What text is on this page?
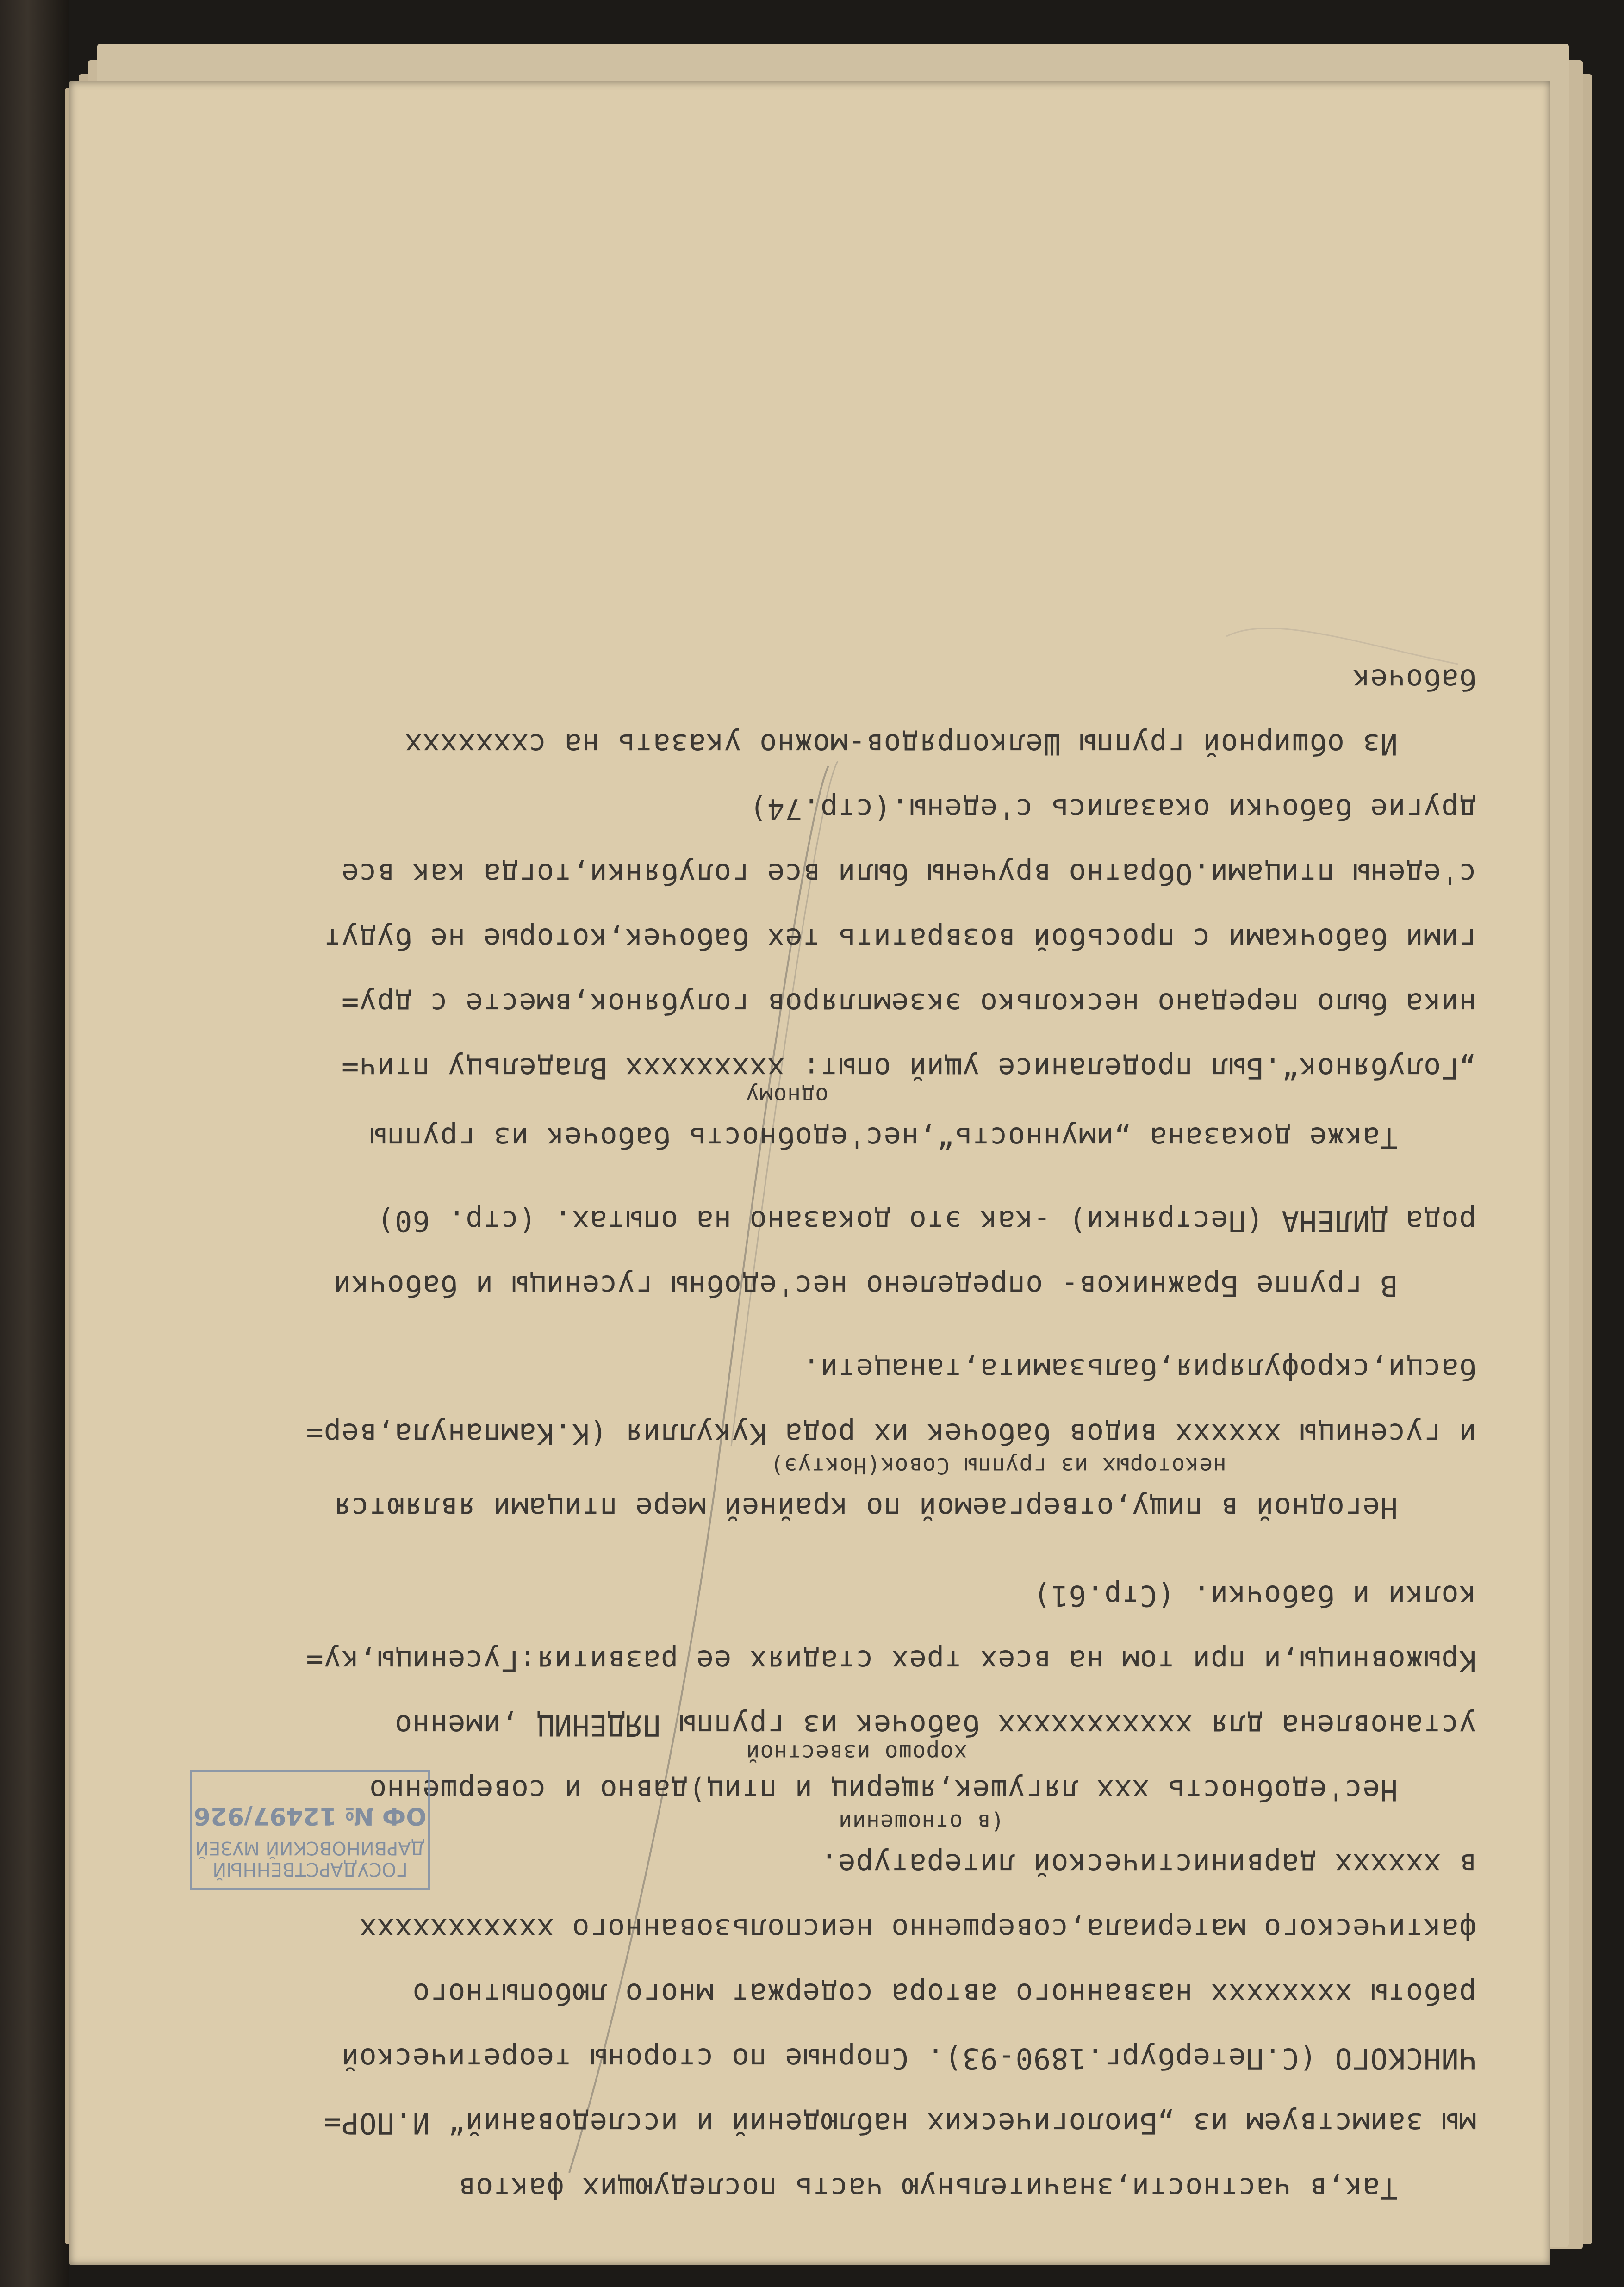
Так,в частности,значительную часть последующих фактов
мы заимствуем из „Биологических наблюдений и исследований“ И.ПОР=
ЧИНСКОГО (С.Петербург.1890-93). Спорные по стороны теоретической
работы хххххххх названного автора содержат много любопытного
фактического материала,совершенно неиспользованного ххххххххххх
в хххххх дарвинистической литературе.
(в отношении
Нес'едобность ххх лягушек,ящериц и птиц)давно и совершенно
хорошо известной
установлена для ххххххххххх бабочек из группы ПЯДЕНИЦ ,именно
Крыжовницы,и при том на всех трех стадиях ее развития:Гусеницы,ку=
колки и бабочки. (Стр.61)
Негодной в пищу,отвергаемой по крайней мере птицами являются
некоторых из группы Совок(Ноктуэ)
и гусеницы хххххх видов бабочек их рода Кукуллия (К.Кампанула,вер=
басци,скрофулярия,бальзамита,танацети.
В группе Бражников- определено нес'едобны гусеницы и бабочки
рода ДИЛЕНА (Пестрянки) -как это доказано на опытах. (стр. 60)
Также доказана „имунность“,нес'едобность бабочек из группы
одному
„Голубянок“.Был проделанисе ущий опыт: ххххххххх Владельцу птич=
ника было передано несколько экземпляров голубянок,вместе с дру=
гими бабочками с просьбой возвратить тех бабочек,которые не будут
с'едены птицами.Обратно вручены были все голубянки,тогда как все
другие бабочки оказались с'едены.(стр.74)
Из обширной группы Шелкопрядов-можно указать на сххххххх
бабочек
ГОСУДАРСТВЕННЫЙ
ДАРВИНОВСКИЙ МУЗЕЙ
ОФ № 12497/926
